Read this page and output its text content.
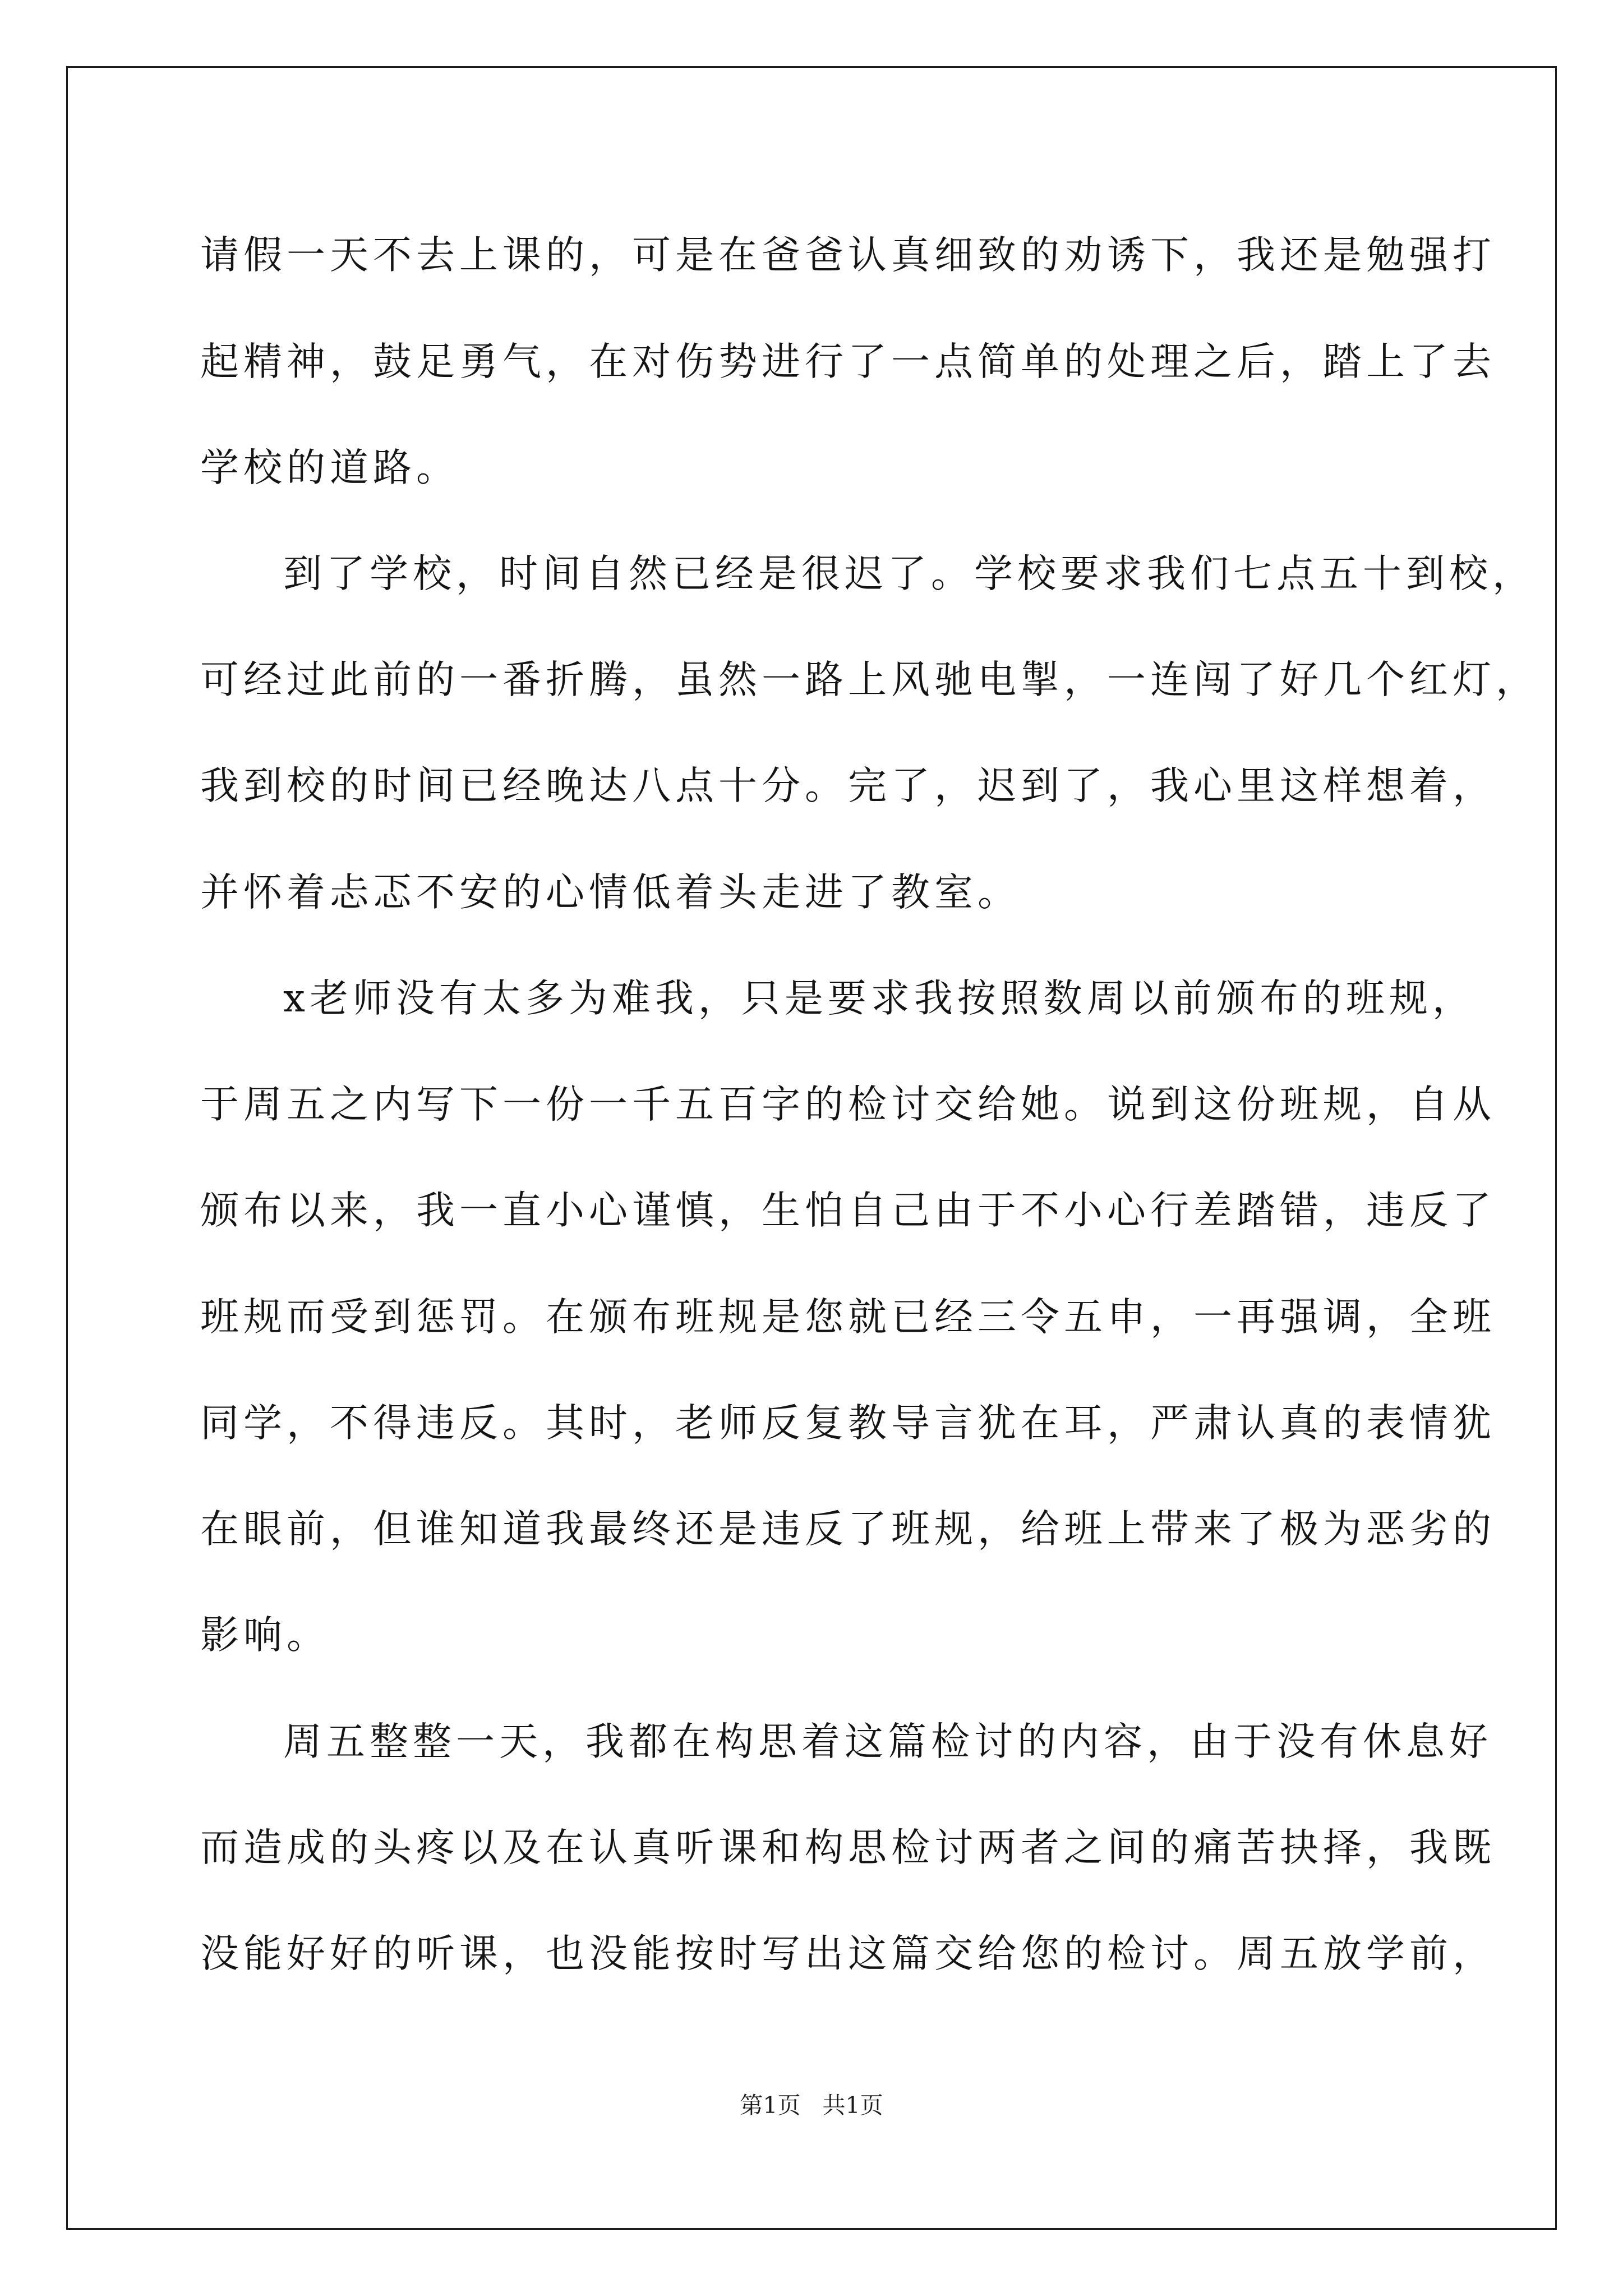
请假一天不去上课的，可是在爸爸认真细致的劝诱下，我还是勉强打
起精神，鼓足勇气，在对伤势进行了一点简单的处理之后，踏上了去
学校的道路。
到了学校，时间自然已经是很迟了。学校要求我们七点五十到校，
可经过此前的一番折腾，虽然一路上风驰电掣，一连闯了好几个红灯，
我到校的时间已经晚达八点十分。完了，迟到了，我心里这样想着，
并怀着忐忑不安的心情低着头走进了教室。
x老师没有太多为难我，只是要求我按照数周以前颁布的班规，
于周五之内写下一份一千五百字的检讨交给她。说到这份班规，自从
颁布以来，我一直小心谨慎，生怕自己由于不小心行差踏错，违反了
班规而受到惩罚。在颁布班规是您就已经三令五申，一再强调，全班
同学，不得违反。其时，老师反复教导言犹在耳，严肃认真的表情犹
在眼前，但谁知道我最终还是违反了班规，给班上带来了极为恶劣的
影响。
周五整整一天，我都在构思着这篇检讨的内容，由于没有休息好
而造成的头疼以及在认真听课和构思检讨两者之间的痛苦抉择，我既
没能好好的听课，也没能按时写出这篇交给您的检讨。周五放学前，
第1页   共1页
